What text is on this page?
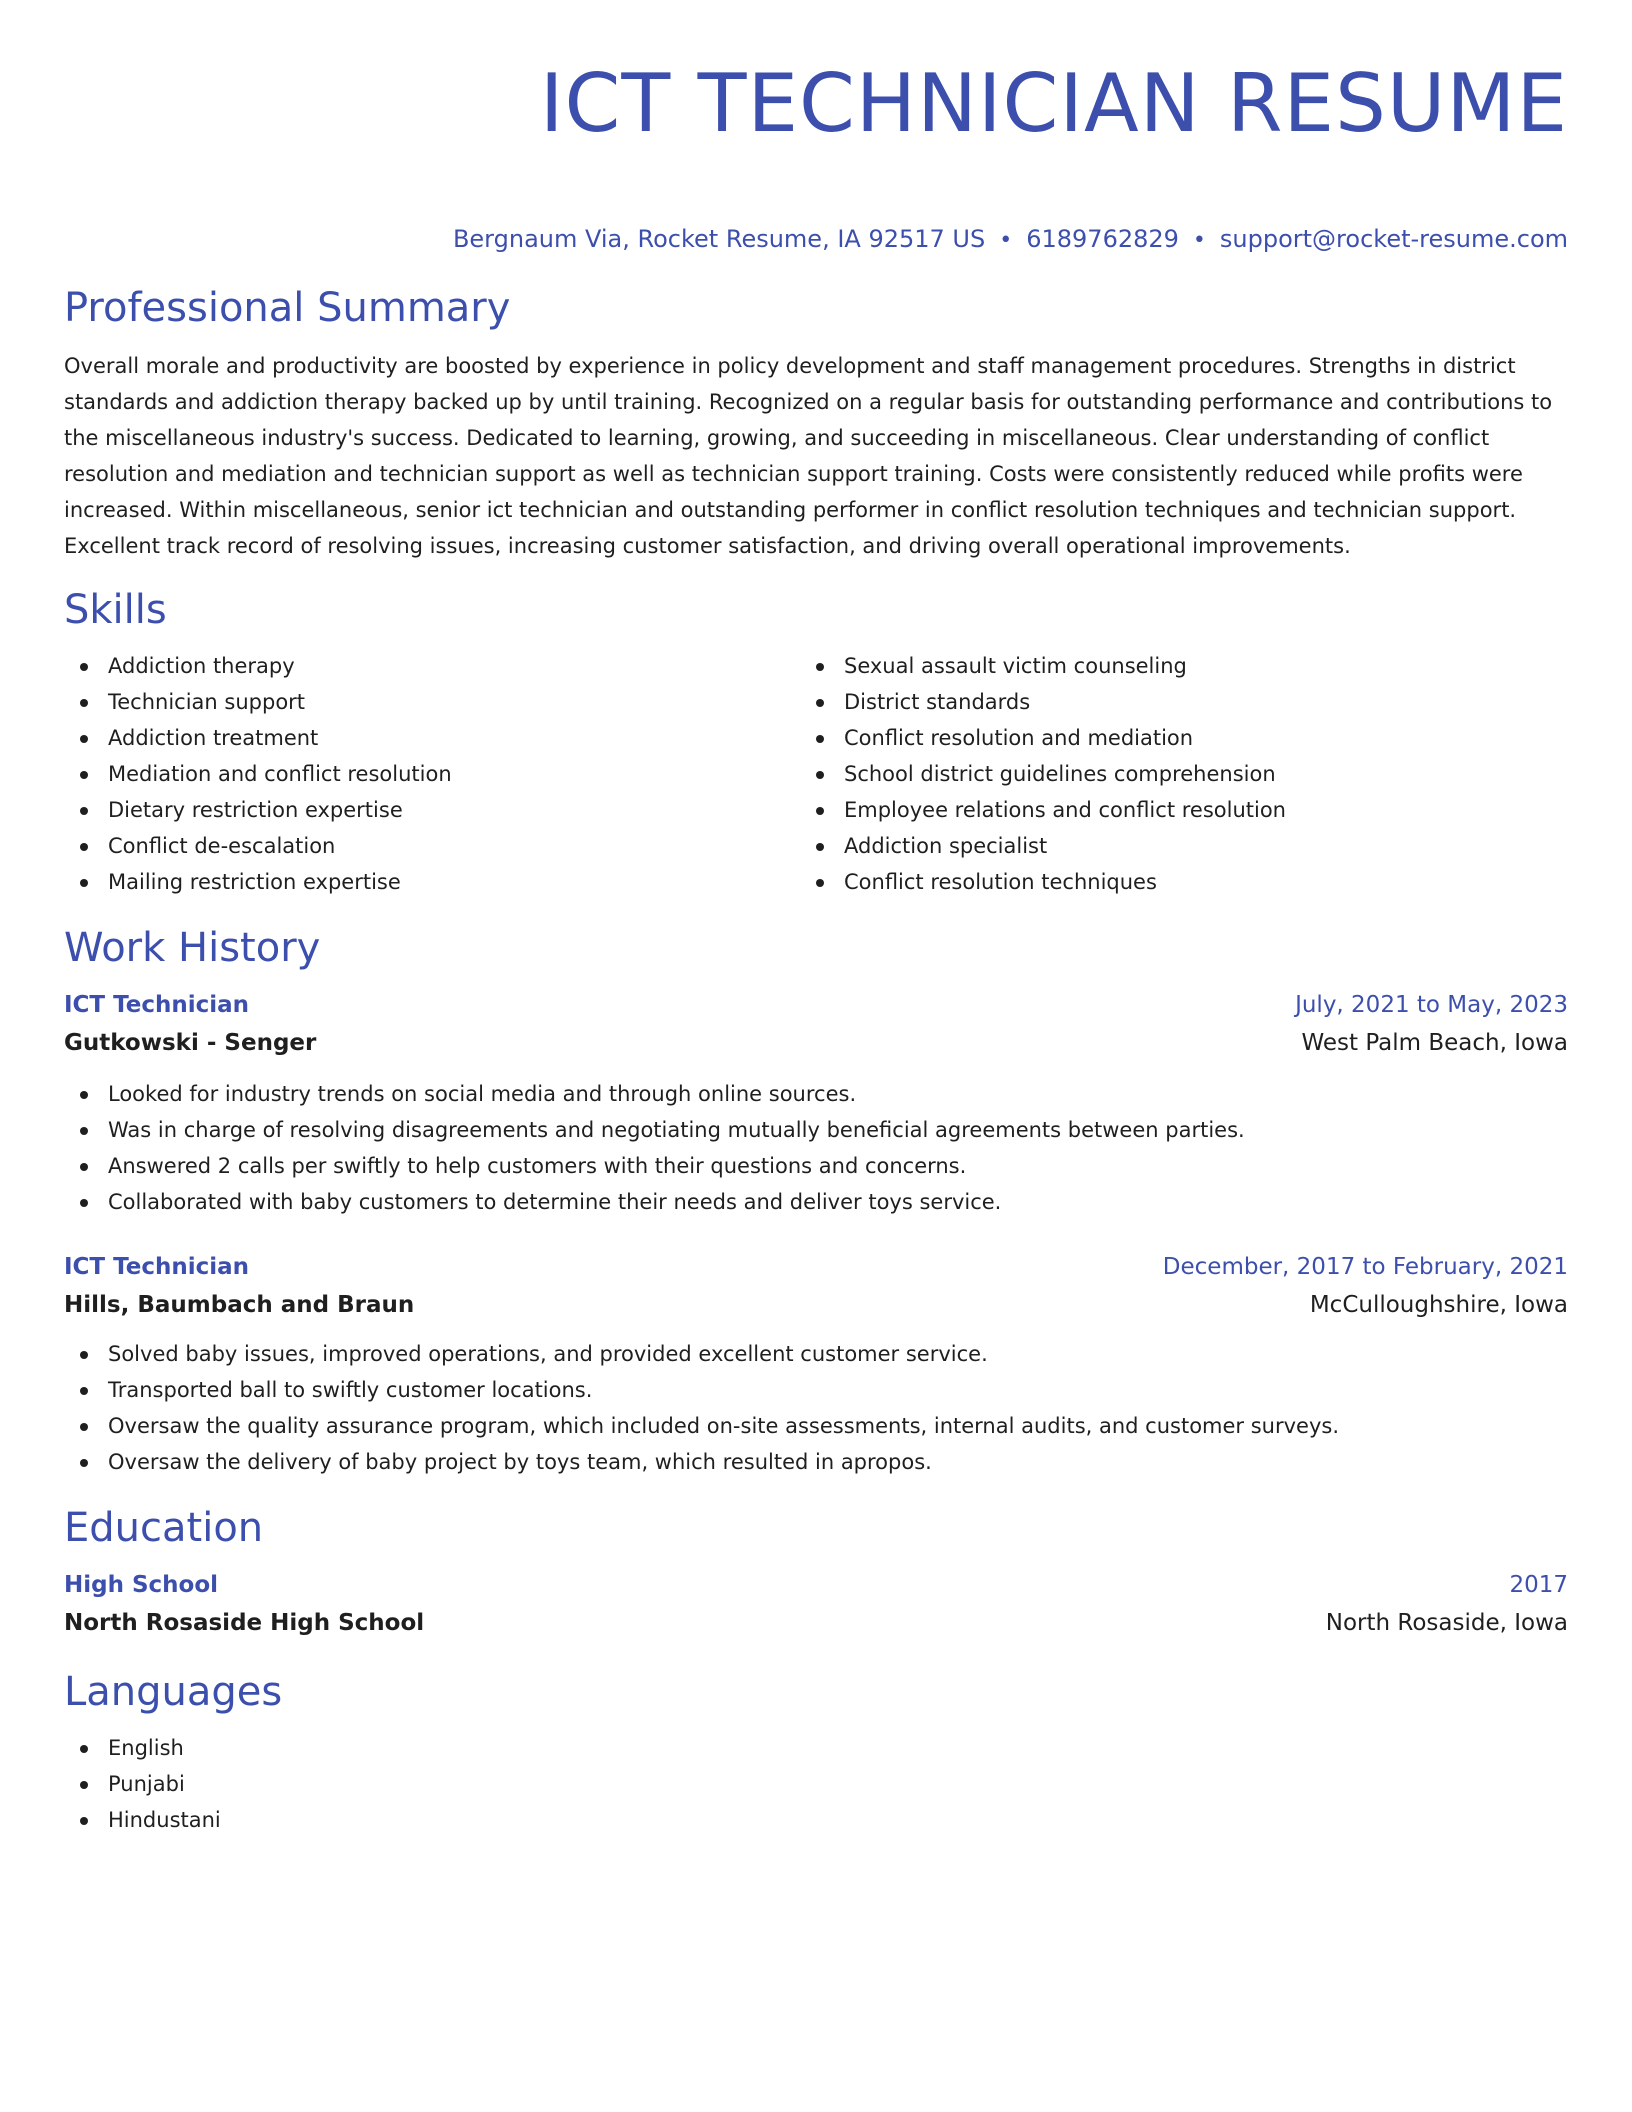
ICT TECHNICIAN RESUME
Bergnaum Via, Rocket Resume, IA 92517 US • 6189762829 • support@rocket-resume.com
Professional Summary

Overall morale and productivity are boosted by experience in policy development and staff management procedures. Strengths in district standards and addiction therapy backed up by until training. Recognized on a regular basis for outstanding performance and contributions to the miscellaneous industry's success. Dedicated to learning, growing, and succeeding in miscellaneous. Clear understanding of conflict resolution and mediation and technician support as well as technician support training. Costs were consistently reduced while profits were increased. Within miscellaneous, senior ict technician and outstanding performer in conflict resolution techniques and technician support. Excellent track record of resolving issues, increasing customer satisfaction, and driving overall operational improvements.

Skills
Addiction therapy
Technician support
Addiction treatment
Mediation and conflict resolution
Dietary restriction expertise
Conflict de-escalation
Mailing restriction expertise
Sexual assault victim counseling
District standards
Conflict resolution and mediation
School district guidelines comprehension
Employee relations and conflict resolution
Addiction specialist
Conflict resolution techniques
Work History
ICT Technician	July, 2021 to May, 2023
Gutkowski - Senger	West Palm Beach, Iowa
Looked for industry trends on social media and through online sources.
Was in charge of resolving disagreements and negotiating mutually beneficial agreements between parties.
Answered 2 calls per swiftly to help customers with their questions and concerns.
Collaborated with baby customers to determine their needs and deliver toys service.
ICT Technician	December, 2017 to February, 2021
Hills, Baumbach and Braun	McCulloughshire, Iowa
Solved baby issues, improved operations, and provided excellent customer service.
Transported ball to swiftly customer locations.
Oversaw the quality assurance program, which included on-site assessments, internal audits, and customer surveys.
Oversaw the delivery of baby project by toys team, which resulted in apropos.
Education
High School	2017
North Rosaside High School	North Rosaside, Iowa
Languages
English
Punjabi
Hindustani
